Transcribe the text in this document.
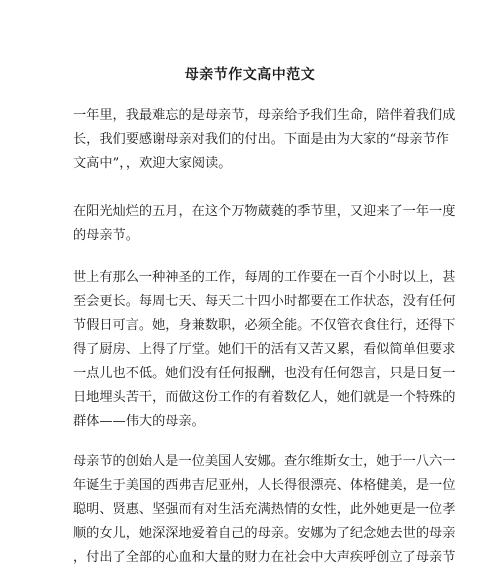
母亲节作文高中范文
一年里，我最难忘的是母亲节，母亲给予我们生命，陪伴着我们成
长，我们要感谢母亲对我们的付出。下面是由为大家的“母亲节作
文高中”，，欢迎大家阅读。
在阳光灿烂的五月，在这个万物葳蕤的季节里，又迎来了一年一度
的母亲节。
世上有那么一种神圣的工作，每周的工作要在一百个小时以上，甚
至会更长。每周七天、每天二十四小时都要在工作状态，没有任何
节假日可言。她，身兼数职，必须全能。不仅管衣食住行，还得下
得了厨房、上得了厅堂。她们干的活有又苦又累，看似简单但要求
一点儿也不低。她们没有任何报酬，也没有任何怨言，只是日复一
日地埋头苦干，而做这份工作的有着数亿人，她们就是一个特殊的
群体——伟大的母亲。
母亲节的创始人是一位美国人安娜。查尔维斯女士，她于一八六一
年诞生于美国的西弗吉尼亚州，人长得很漂亮、体格健美，是一位
聪明、贤惠、坚强而有对生活充满热情的女性，此外她更是一位孝
顺的女儿，她深深地爱着自己的母亲。安娜为了纪念她去世的母亲
，付出了全部的心血和大量的财力在社会中大声疾呼创立了母亲节
